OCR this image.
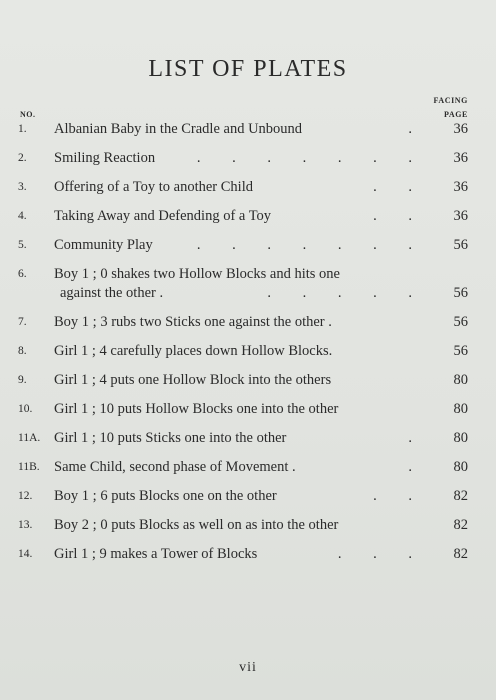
LIST OF PLATES
FACING
PAGE
NO.
1.	Albanian Baby in the Cradle and Unbound	.	36
2.	Smiling Reaction	. . . . . . .	36
3.	Offering of a Toy to another Child	. .	36
4.	Taking Away and Defending of a Toy	. .	36
5.	Community Play	. . . . . . .	56
6.	Boy 1 ; 0 shakes two Hollow Blocks and hits one
against the other .	. . . . .	56
7.	Boy 1 ; 3 rubs two Sticks one against the other .	56
8.	Girl 1 ; 4 carefully places down Hollow Blocks.	56
9.	Girl 1 ; 4 puts one Hollow Block into the others	80
10.	Girl 1 ; 10 puts Hollow Blocks one into the other	80
11A. Girl 1 ; 10 puts Sticks one into the other	.	80
11B. Same Child, second phase of Movement .	.	80
12.	Boy 1 ; 6 puts Blocks one on the other	. .	82
13.	Boy 2 ; 0 puts Blocks as well on as into the other	82
14.	Girl 1 ; 9 makes a Tower of Blocks	. . .	82
vii
